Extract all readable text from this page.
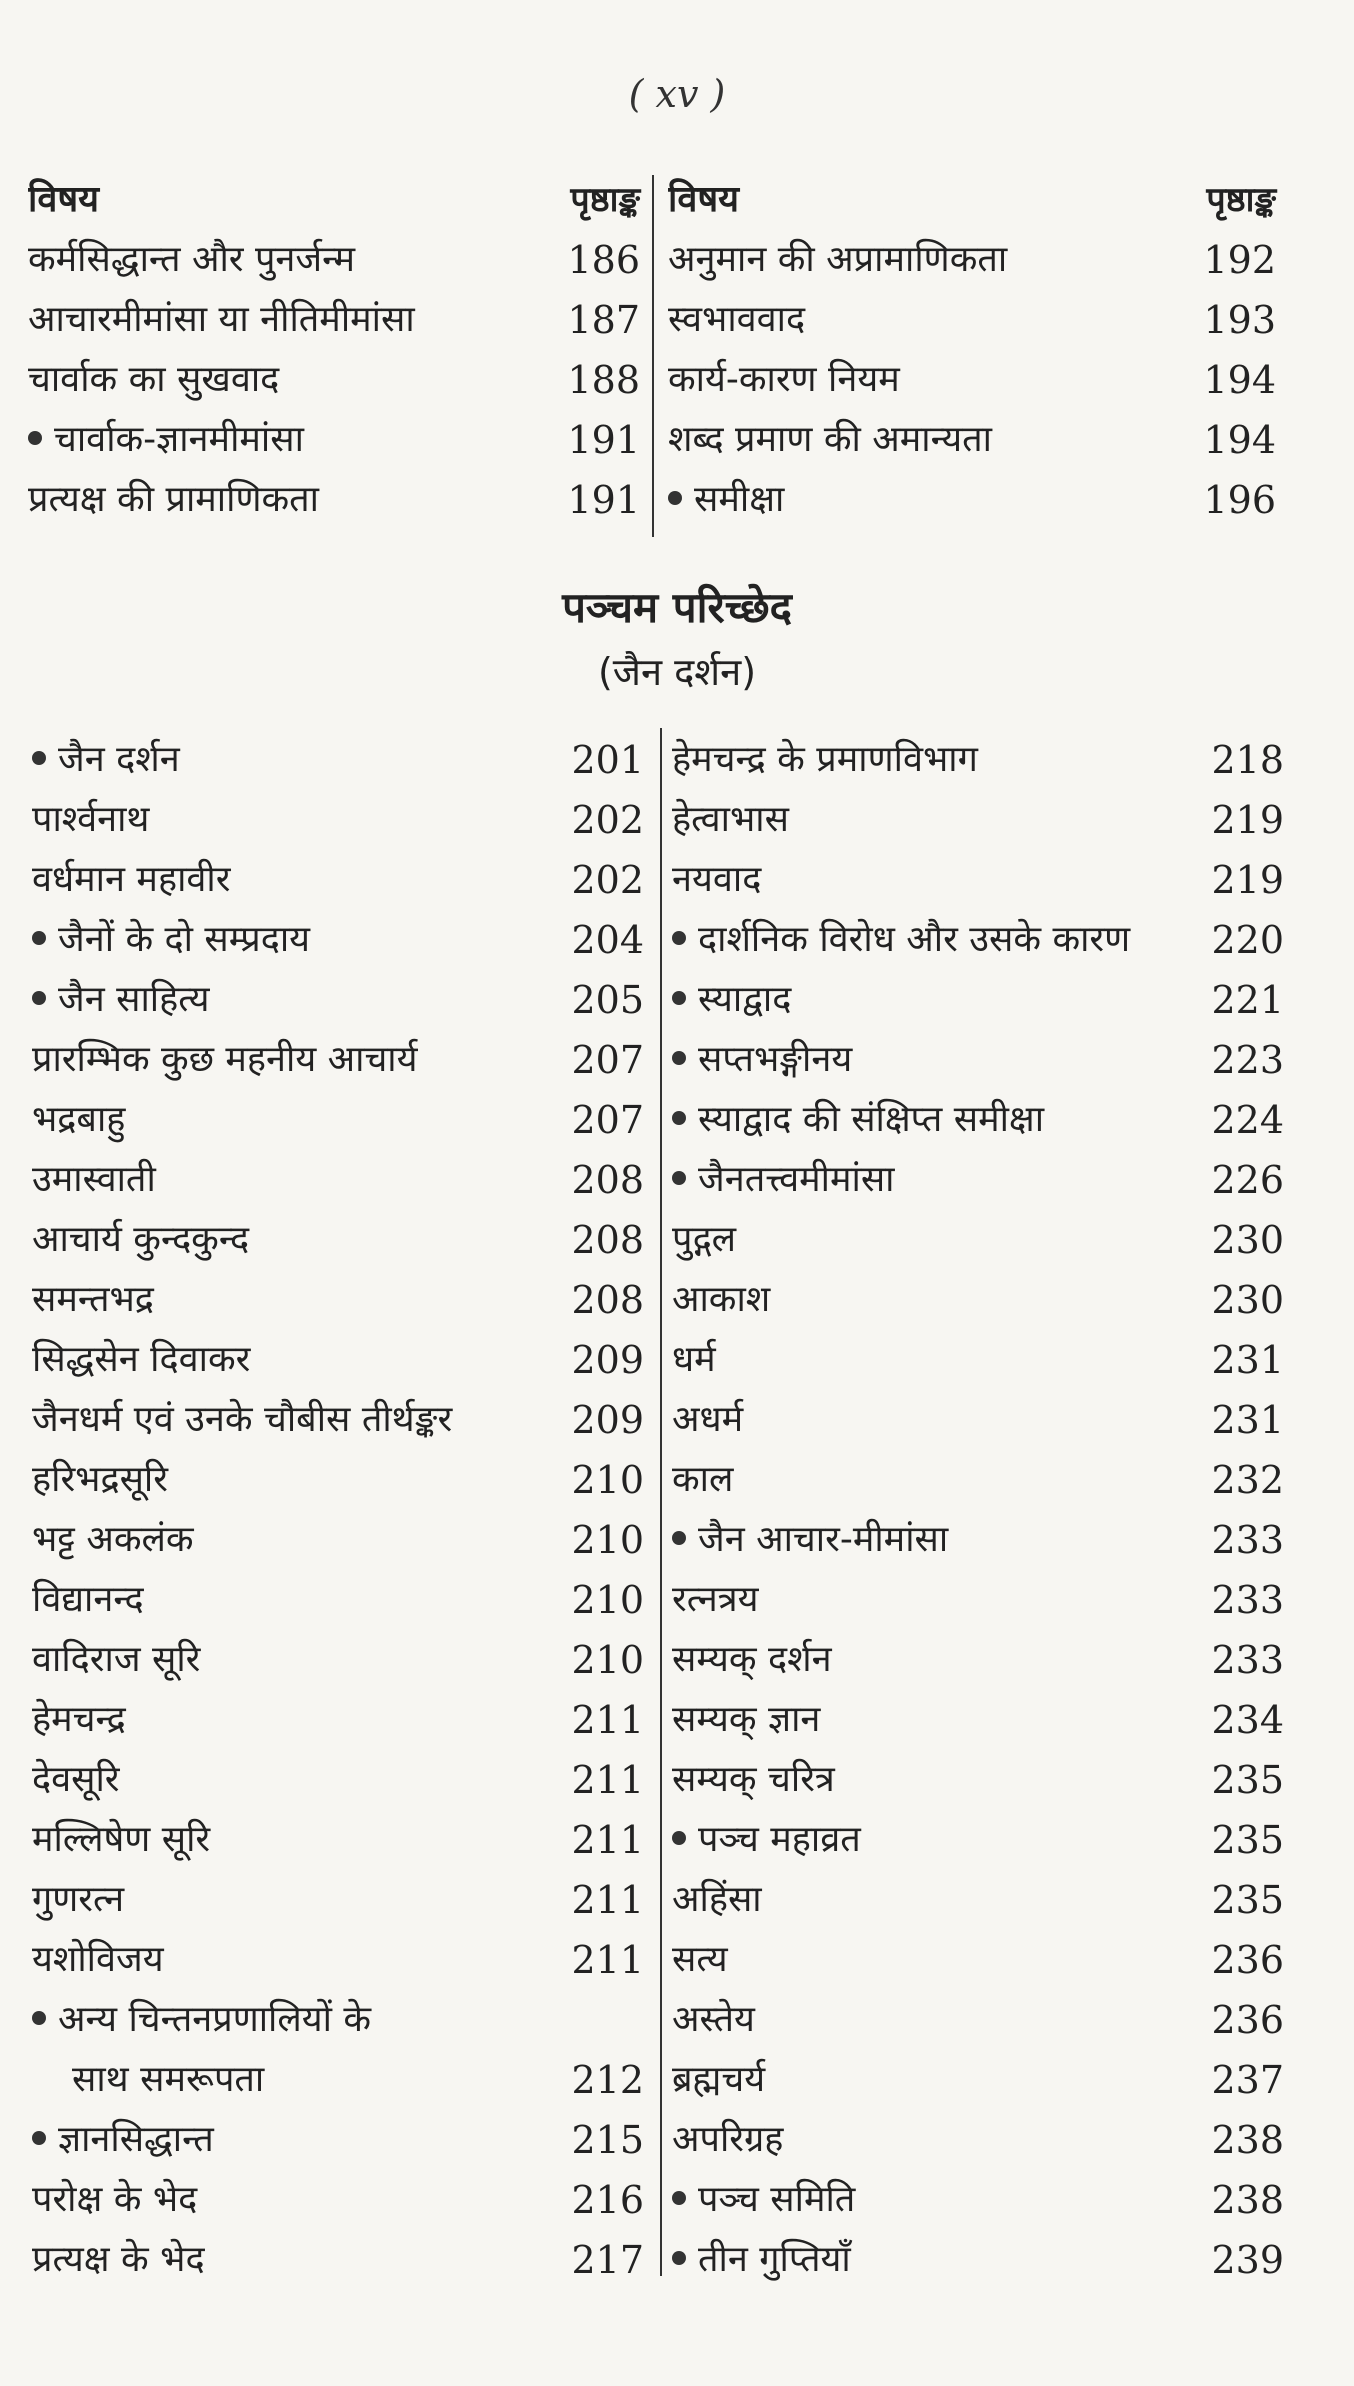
( xv )
विषय	पृष्ठाङ्क
कर्मसिद्धान्त और पुनर्जन्म	186
आचारमीमांसा या नीतिमीमांसा	187
चार्वाक का सुखवाद	188
चार्वाक-ज्ञानमीमांसा	191
प्रत्यक्ष की प्रामाणिकता	191
विषय	पृष्ठाङ्क
अनुमान की अप्रामाणिकता	192
स्वभाववाद	193
कार्य-कारण नियम	194
शब्द प्रमाण की अमान्यता	194
समीक्षा	196
पञ्चम परिच्छेद
(जैन दर्शन)
जैन दर्शन	201
पार्श्वनाथ	202
वर्धमान महावीर	202
जैनों के दो सम्प्रदाय	204
जैन साहित्य	205
प्रारम्भिक कुछ महनीय आचार्य	207
भद्रबाहु	207
उमास्वाती	208
आचार्य कुन्दकुन्द	208
समन्तभद्र	208
सिद्धसेन दिवाकर	209
जैनधर्म एवं उनके चौबीस तीर्थङ्कर	209
हरिभद्रसूरि	210
भट्ट अकलंक	210
विद्यानन्द	210
वादिराज सूरि	210
हेमचन्द्र	211
देवसूरि	211
मल्लिषेण सूरि	211
गुणरत्न	211
यशोविजय	211
अन्य चिन्तनप्रणालियों के
साथ समरूपता	212
ज्ञानसिद्धान्त	215
परोक्ष के भेद	216
प्रत्यक्ष के भेद	217
हेमचन्द्र के प्रमाणविभाग	218
हेत्वाभास	219
नयवाद	219
दार्शनिक विरोध और उसके कारण	220
स्याद्वाद	221
सप्तभङ्गीनय	223
स्याद्वाद की संक्षिप्त समीक्षा	224
जैनतत्त्वमीमांसा	226
पुद्गल	230
आकाश	230
धर्म	231
अधर्म	231
काल	232
जैन आचार-मीमांसा	233
रत्नत्रय	233
सम्यक् दर्शन	233
सम्यक् ज्ञान	234
सम्यक् चरित्र	235
पञ्च महाव्रत	235
अहिंसा	235
सत्य	236
अस्तेय	236
ब्रह्मचर्य	237
अपरिग्रह	238
पञ्च समिति	238
तीन गुप्तियाँ	239
